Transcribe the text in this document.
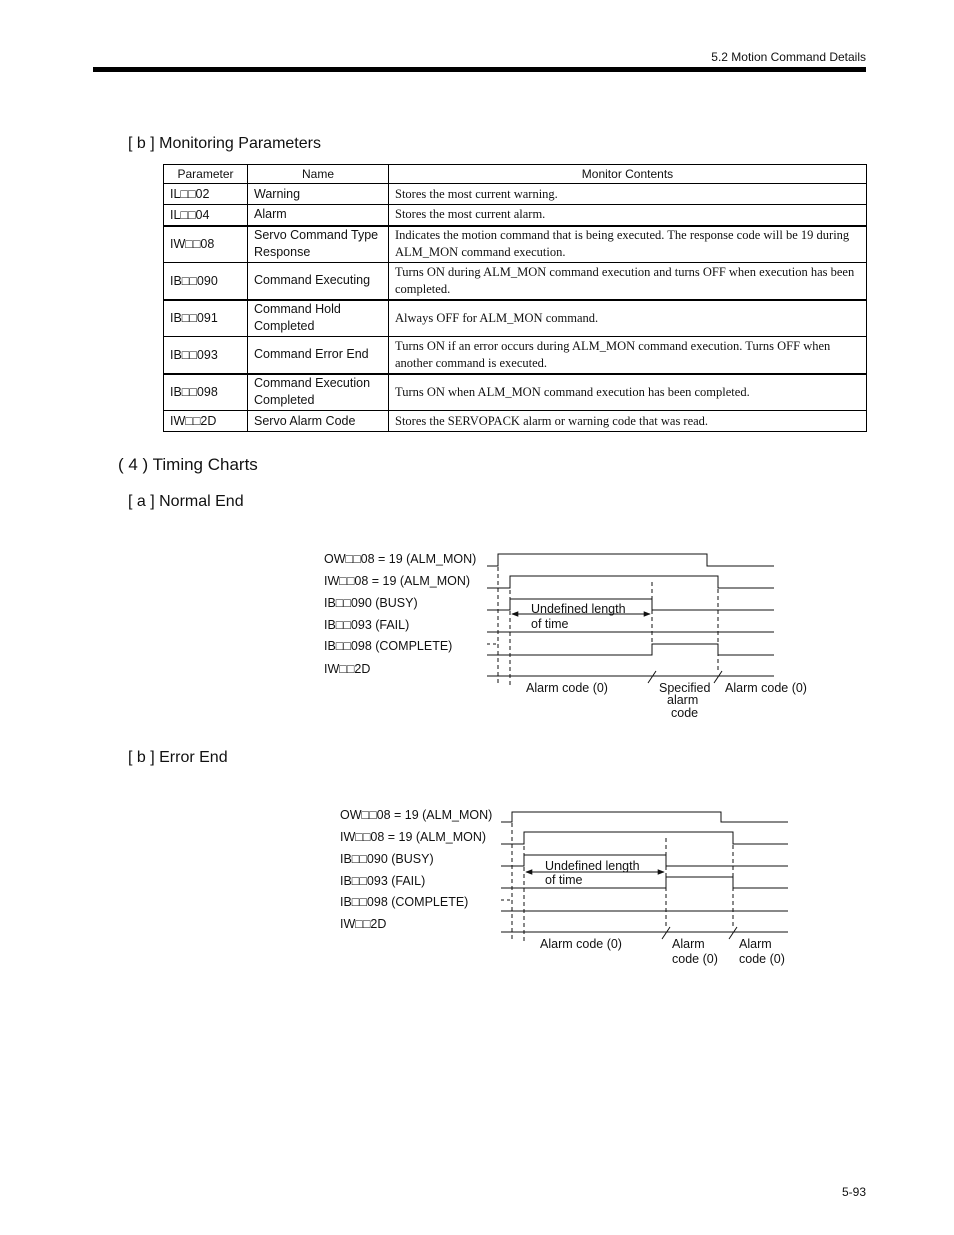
5.2 Motion Command Details
[ b ] Monitoring Parameters
Parameter	Name	Monitor Contents
IL□□02	Warning	Stores the most current warning.
IL□□04	Alarm	Stores the most current alarm.
IW□□08	Servo Command Type Response	Indicates the motion command that is being executed. The response code will be 19 during ALM_MON command execution.
IB□□090	Command Executing	Turns ON during ALM_MON command execution and turns OFF when execution has been completed.
IB□□091	Command Hold Completed	Always OFF for ALM_MON command.
IB□□093	Command Error End	Turns ON if an error occurs during ALM_MON command execution. Turns OFF when another command is executed.
IB□□098	Command Execution Completed	Turns ON when ALM_MON command execution has been completed.
IW□□2D	Servo Alarm Code	Stores the SERVOPACK alarm or warning code that was read.
( 4 ) Timing Charts
[ a ] Normal End
OW□□08 = 19 (ALM_MON)
IW□□08 = 19 (ALM_MON)
IB□□090 (BUSY)
IB□□093 (FAIL)
IB□□098 (COMPLETE)
IW□□2D
Undefined length
of time
Alarm code (0)	Specified
alarm
code
Alarm code (0)
[ b ] Error End
OW□□08 = 19 (ALM_MON)
IW□□08 = 19 (ALM_MON)
IB□□090 (BUSY)
IB□□093 (FAIL)
IB□□098 (COMPLETE)
IW□□2D
Undefined length
of time
Alarm code (0)	Alarm
code (0)
Alarm
code (0)
5-93
